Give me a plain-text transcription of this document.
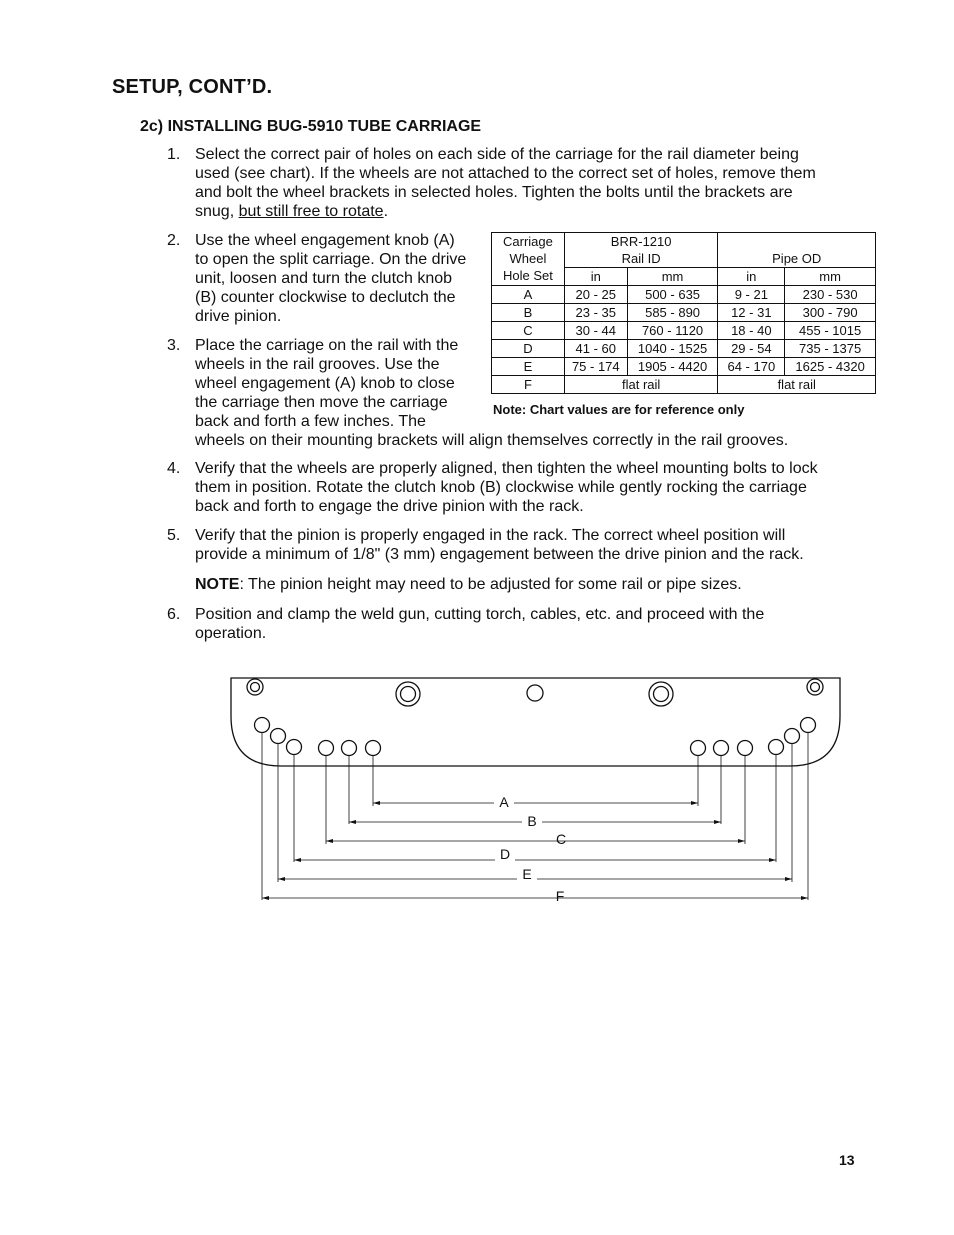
SETUP, CONT’D.
2c) INSTALLING BUG-5910 TUBE CARRIAGE
1. Select the correct pair of holes on each side of the carriage for the rail diameter being
used (see chart). If the wheels are not attached to the correct set of holes, remove them
and bolt the wheel brackets in selected holes. Tighten the bolts until the brackets are
snug, but still free to rotate.
2. Use the wheel engagement knob (A)
to open the split carriage. On the drive
unit, loosen and turn the clutch knob
(B) counter clockwise to declutch the
drive pinion.
3. Place the carriage on the rail with the
wheels in the rail grooves. Use the
wheel engagement (A) knob to close
the carriage then move the carriage
back and forth a few inches. The
wheels on their mounting brackets will align themselves correctly in the rail grooves.
4. Verify that the wheels are properly aligned, then tighten the wheel mounting bolts to lock
them in position. Rotate the clutch knob (B) clockwise while gently rocking the carriage
back and forth to engage the drive pinion with the rack.
5. Verify that the pinion is properly engaged in the rack. The correct wheel position will
provide a minimum of 1/8" (3 mm) engagement between the drive pinion and the rack.
NOTE: The pinion height may need to be adjusted for some rail or pipe sizes.
6. Position and clamp the weld gun, cutting torch, cables, etc. and proceed with the
operation.
Carriage	BRR-1210			
Wheel	Rail ID		Pipe OD	
Hole Set	in	mm	in	mm
A	20 - 25	500 - 635	9 - 21	230 - 530
B	23 - 35	585 - 890	12 - 31	300 - 790
C	30 - 44	760 - 1120	18 - 40	455 - 1015
D	41 - 60	1040 - 1525	29 - 54	735 - 1375
E	75 - 174	1905 - 4420	64 - 170	1625 - 4320
F	flat rail		flat rail	
Note: Chart values are for reference only
A
B
C
D
E
F
13
